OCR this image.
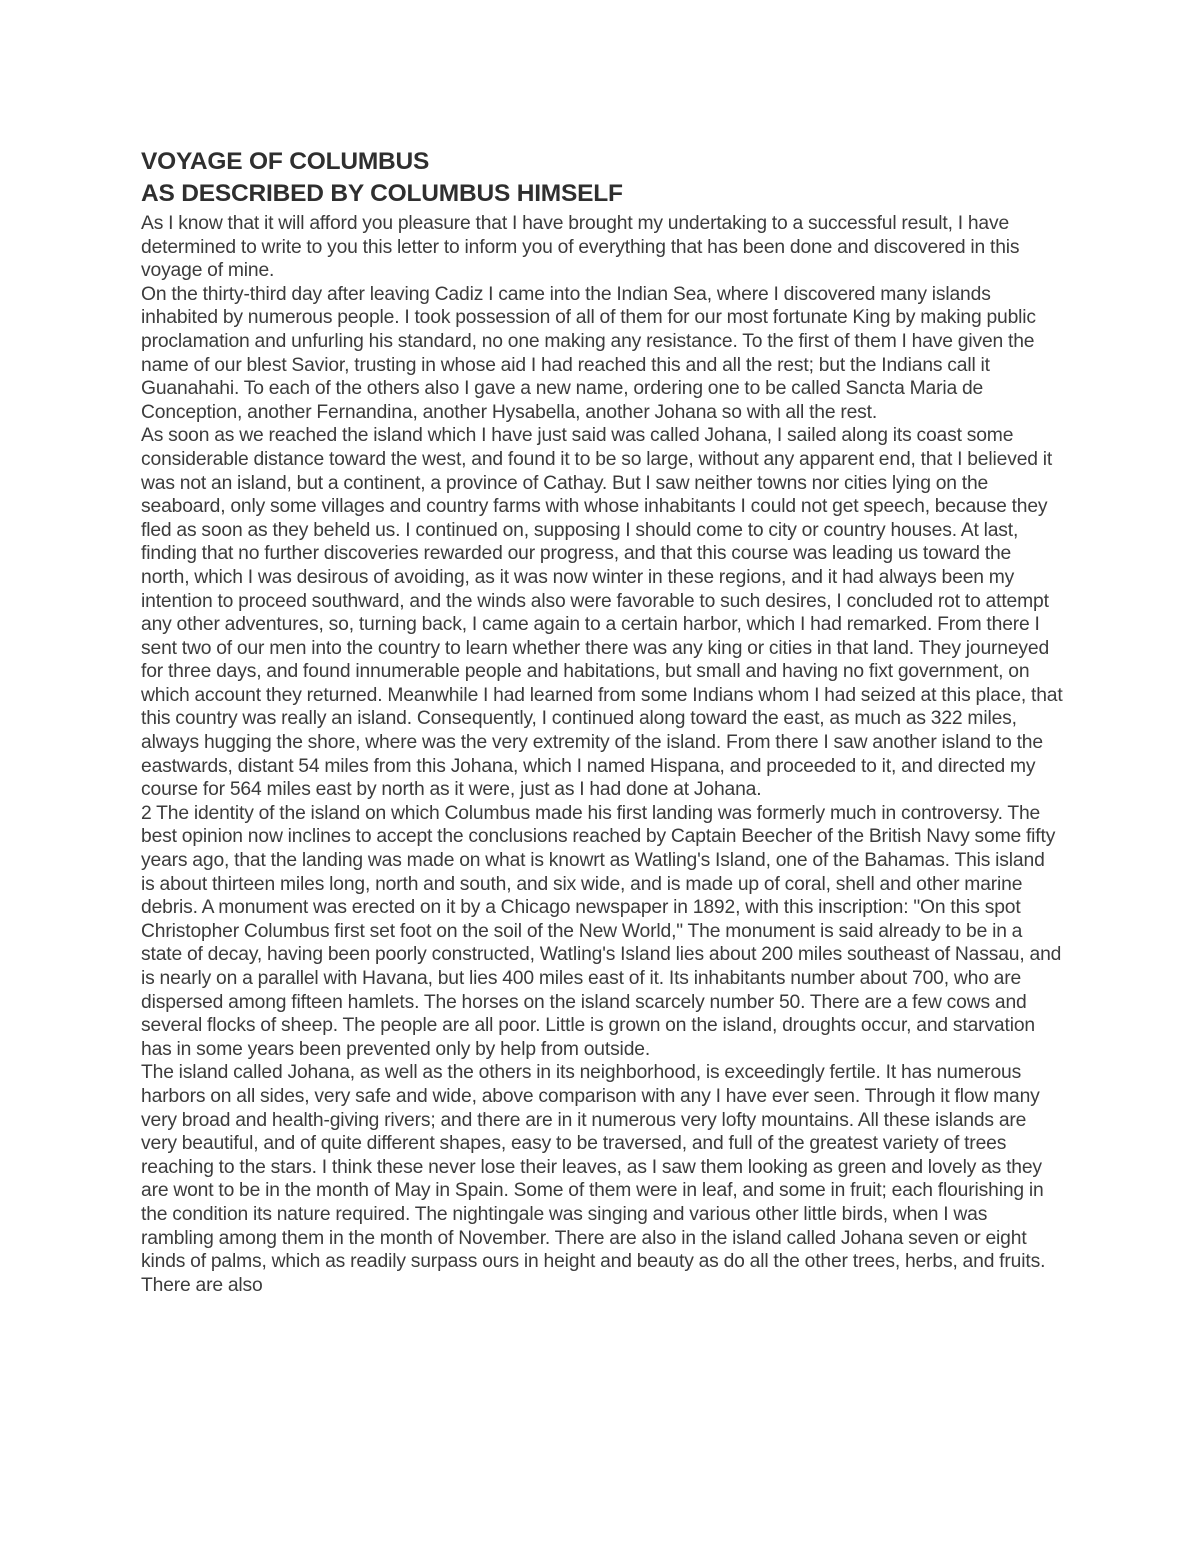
VOYAGE OF COLUMBUS
AS DESCRIBED BY COLUMBUS HIMSELF

As I know that it will afford you pleasure that I have brought my undertaking to a successful result, I have determined to write to you this letter to inform you of everything that has been done and discovered in this voyage of mine.

On the thirty-third day after leaving Cadiz I came into the Indian Sea, where I discovered many islands inhabited by numerous people. I took possession of all of them for our most fortunate King by making public proclamation and unfurling his standard, no one making any resistance. To the first of them I have given the name of our blest Savior, trusting in whose aid I had reached this and all the rest; but the Indians call it Guanahahi. To each of the others also I gave a new name, ordering one to be called Sancta Maria de Conception, another Fernandina, another Hysabella, another Johana so with all the rest.

As soon as we reached the island which I have just said was called Johana, I sailed along its coast some considerable distance toward the west, and found it to be so large, without any apparent end, that I believed it was not an island, but a continent, a province of Cathay. But I saw neither towns nor cities lying on the seaboard, only some villages and country farms with whose inhabitants I could not get speech, because they fled as soon as they beheld us. I continued on, supposing I should come to city or country houses. At last, finding that no further discoveries rewarded our progress, and that this course was leading us toward the north, which I was desirous of avoiding, as it was now winter in these regions, and it had always been my intention to proceed southward, and the winds also were favorable to such desires, I concluded rot to attempt any other adventures, so, turning back, I came again to a certain harbor, which I had remarked. From there I sent two of our men into the country to learn whether there was any king or cities in that land. They journeyed for three days, and found innumerable people and habitations, but small and having no fixt government, on which account they returned. Meanwhile I had learned from some Indians whom I had seized at this place, that this country was really an island. Consequently, I continued along toward the east, as much as 322 miles, always hugging the shore, where was the very extremity of the island. From there I saw another island to the eastwards, distant 54 miles from this Johana, which I named Hispana, and proceeded to it, and directed my course for 564 miles east by north as it were, just as I had done at Johana.

2 The identity of the island on which Columbus made his first landing was formerly much in controversy. The best opinion now inclines to accept the conclusions reached by Captain Beecher of the British Navy some fifty years ago, that the landing was made on what is knowrt as Watling's Island, one of the Bahamas. This island is about thirteen miles long, north and south, and six wide, and is made up of coral, shell and other marine debris. A monument was erected on it by a Chicago newspaper in 1892, with this inscription: "On this spot Christopher Columbus first set foot on the soil of the New World," The monument is said already to be in a state of decay, having been poorly constructed, Watling's Island lies about 200 miles southeast of Nassau, and is nearly on a parallel with Havana, but lies 400 miles east of it. Its inhabitants number about 700, who are dispersed among fifteen hamlets. The horses on the island scarcely number 50. There are a few cows and several flocks of sheep. The people are all poor. Little is grown on the island, droughts occur, and starvation has in some years been prevented only by help from outside.

The island called Johana, as well as the others in its neighborhood, is exceedingly fertile. It has numerous harbors on all sides, very safe and wide, above comparison with any I have ever seen. Through it flow many very broad and health-giving rivers; and there are in it numerous very lofty mountains. All these islands are very beautiful, and of quite different shapes, easy to be traversed, and full of the greatest variety of trees reaching to the stars. I think these never lose their leaves, as I saw them looking as green and lovely as they are wont to be in the month of May in Spain. Some of them were in leaf, and some in fruit; each flourishing in the condition its nature required. The nightingale was singing and various other little birds, when I was rambling among them in the month of November. There are also in the island called Johana seven or eight kinds of palms, which as readily surpass ours in height and beauty as do all the other trees, herbs, and fruits. There are also
